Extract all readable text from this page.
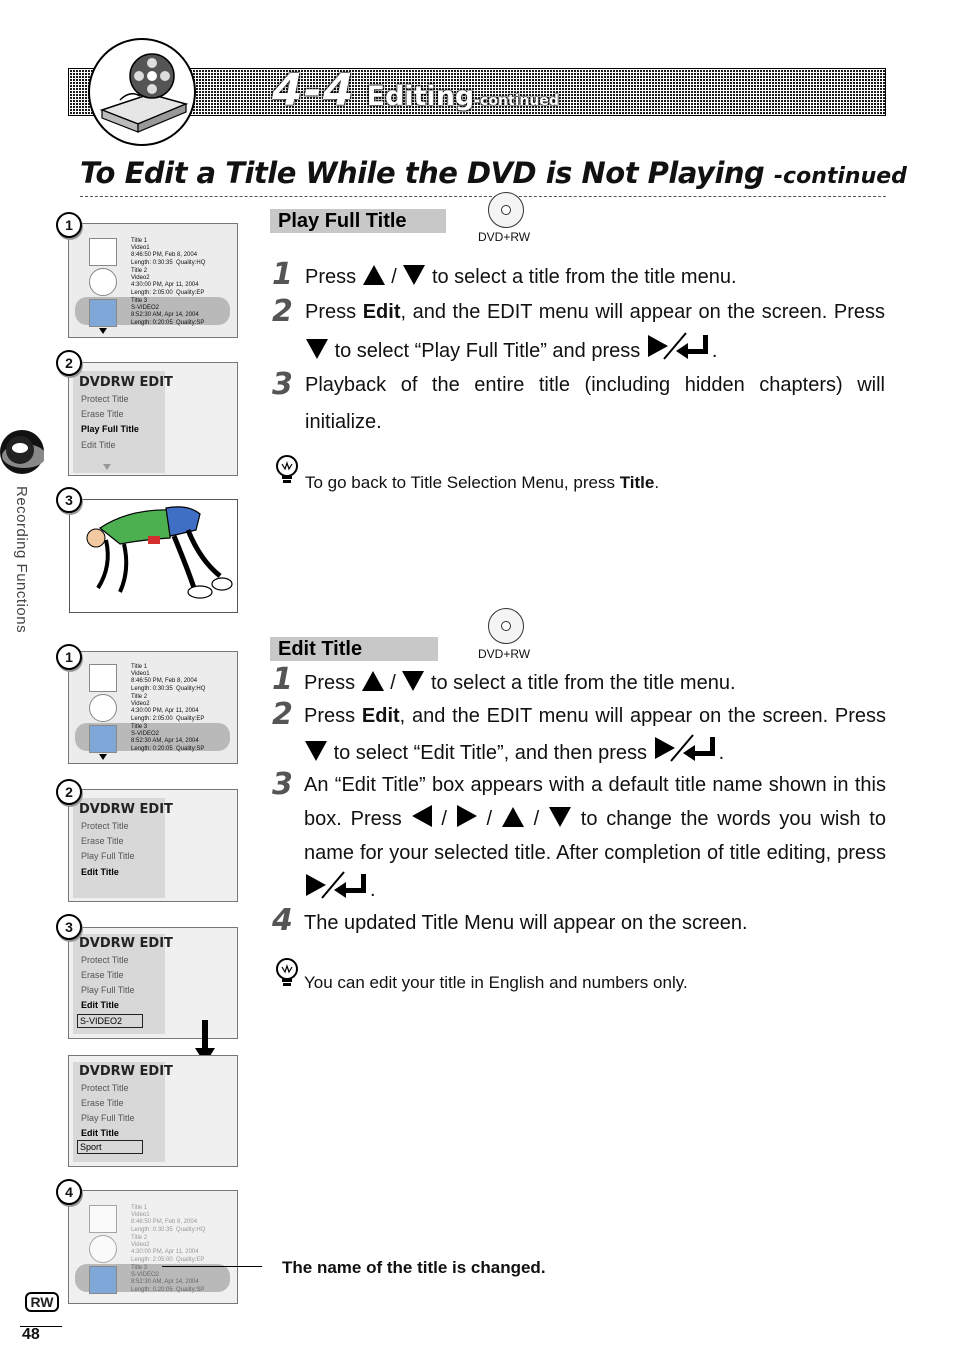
4-4 Editing-continued
To Edit a Title While the DVD is Not Playing -continued
Recording Functions
Play Full Title
DVD+RW
1 Press / to select a title from the title menu.
2 Press Edit, and the EDIT menu will appear on the screen. Press  to select “Play Full Title” and press	.
3 Playback of the entire title (including hidden chapters) will initialize.
To go back to Title Selection Menu, press Title.
Edit Title	DVD+RW
1 Press / to select a title from the title menu.
2 Press Edit, and the EDIT menu will appear on the screen. Press  to select “Edit Title”, and then press	.
3 An “Edit Title” box appears with a default title name shown in this box. Press / / / to change the words you wish to name for your selected title. After completion of title editing, press .
4 The updated Title Menu will appear on the screen.
You can edit your title in English and numbers only.
Title 1
Video1
8:46:50 PM, Feb 8, 2004
Length: 0:30:35  Quality:HQ
Title 2
Video2
4:30:00 PM, Apr 11, 2004
Length: 2:05:00  Quality:EP
Title 3
S-VIDEO2
8:52:30 AM, Apr 14, 2004
Length: 0:20:05  Quality:SP
1
DVDRW EDIT
Protect Title
Erase Title
Play Full Title
Edit Title
2
3
Title 1
Video1
8:46:50 PM, Feb 8, 2004
Length: 0:30:35  Quality:HQ
Title 2
Video2
4:30:00 PM, Apr 11, 2004
Length: 2:05:00  Quality:EP
Title 3
S-VIDEO2
8:52:30 AM, Apr 14, 2004
Length: 0:20:05  Quality:SP
1
DVDRW EDIT
Protect Title
Erase Title
Play Full Title
Edit Title
2
DVDRW EDIT
Protect Title
Erase Title
Play Full Title
Edit Title
S-VIDEO2
3
DVDRW EDIT
Protect Title
Erase Title
Play Full Title
Edit Title
Sport
Title 1
Video1
8:46:50 PM, Feb 8, 2004
Length: 0:30:35  Quality:HQ
Title 2
Video2
4:30:00 PM, Apr 11, 2004
Length: 2:05:00  Quality:EP
Title 3
S-VIDEO2
8:52:30 AM, Apr 14, 2004
Length: 0:20:05  Quality:SP
4
The name of the title is changed.
RW
48
